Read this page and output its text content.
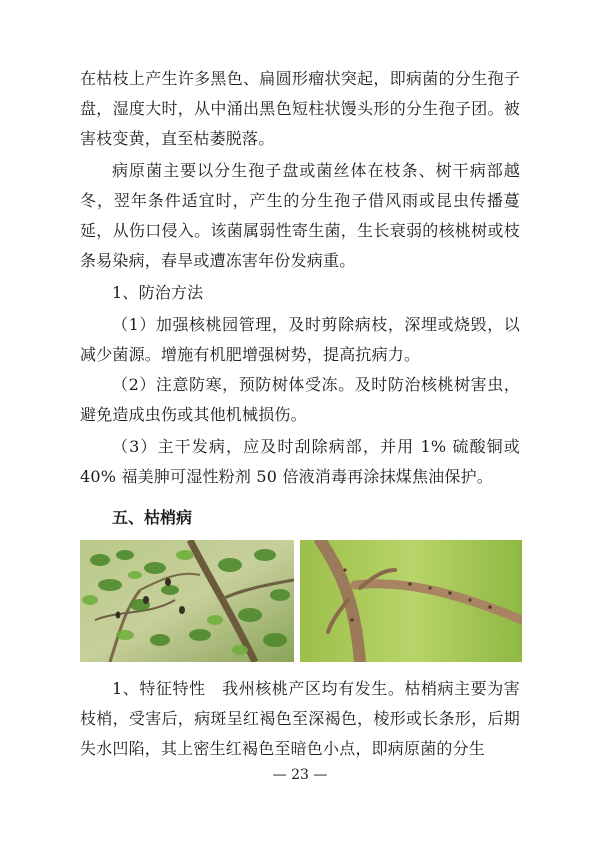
在枯枝上产生许多黑色、扁圆形瘤状突起，即病菌的分生孢子盘，湿度大时，从中涌出黑色短柱状馒头形的分生孢子团。被害枝变黄，直至枯萎脱落。

病原菌主要以分生孢子盘或菌丝体在枝条、树干病部越冬，翌年条件适宜时，产生的分生孢子借风雨或昆虫传播蔓延，从伤口侵入。该菌属弱性寄生菌，生长衰弱的核桃树或枝条易染病，春旱或遭冻害年份发病重。

1、防治方法

（1）加强核桃园管理，及时剪除病枝，深埋或烧毁，以减少菌源。增施有机肥增强树势，提高抗病力。

（2）注意防寒，预防树体受冻。及时防治核桃树害虫，避免造成虫伤或其他机械损伤。

（3）主干发病，应及时刮除病部，并用 1% 硫酸铜或 40% 福美胂可湿性粉剂 50 倍液消毒再涂抹煤焦油保护。

五、枯梢病

1、特征特性　我州核桃产区均有发生。枯梢病主要为害枝梢，受害后，病斑呈红褐色至深褐色，棱形或长条形，后期失水凹陷，其上密生红褐色至暗色小点，即病原菌的分生

— 23 —
